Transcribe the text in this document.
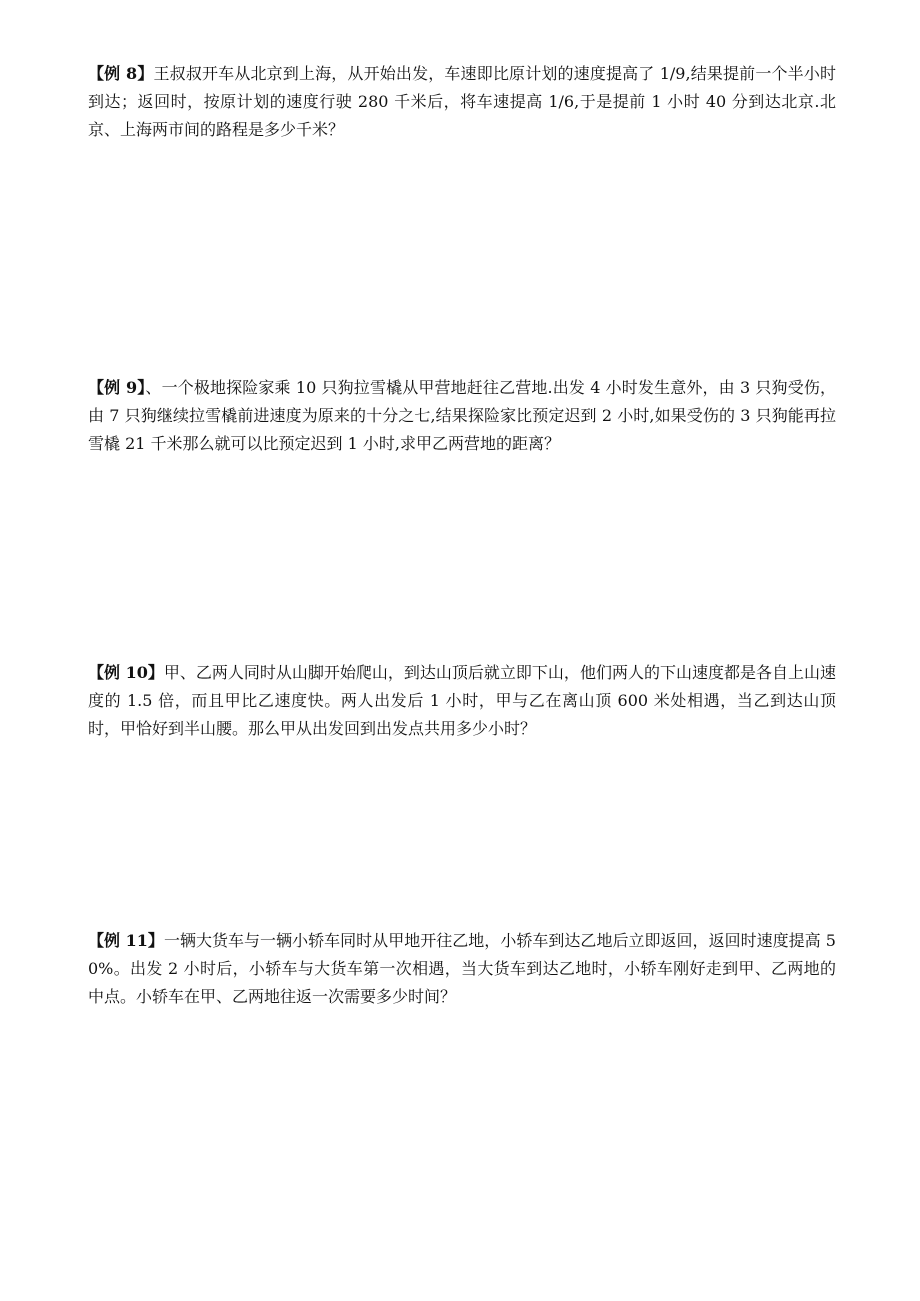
【例 8】王叔叔开车从北京到上海，从开始出发，车速即比原计划的速度提高了 1/9,结果提前一个半小时到达；返回时，按原计划的速度行驶 280 千米后，将车速提高 1/6,于是提前 1 小时 40 分到达北京.北京、上海两市间的路程是多少千米？

【例 9】、一个极地探险家乘 10 只狗拉雪橇从甲营地赶往乙营地.出发 4 小时发生意外，由 3 只狗受伤，由 7 只狗继续拉雪橇前进速度为原来的十分之七,结果探险家比预定迟到 2 小时,如果受伤的 3 只狗能再拉雪橇 21 千米那么就可以比预定迟到 1 小时,求甲乙两营地的距离？

【例 10】甲、乙两人同时从山脚开始爬山，到达山顶后就立即下山，他们两人的下山速度都是各自上山速度的 1.5 倍，而且甲比乙速度快。两人出发后 1 小时，甲与乙在离山顶 600 米处相遇，当乙到达山顶时，甲恰好到半山腰。那么甲从出发回到出发点共用多少小时？

【例 11】一辆大货车与一辆小轿车同时从甲地开往乙地，小轿车到达乙地后立即返回，返回时速度提高 50%。出发 2 小时后，小轿车与大货车第一次相遇，当大货车到达乙地时，小轿车刚好走到甲、乙两地的中点。小轿车在甲、乙两地往返一次需要多少时间？
